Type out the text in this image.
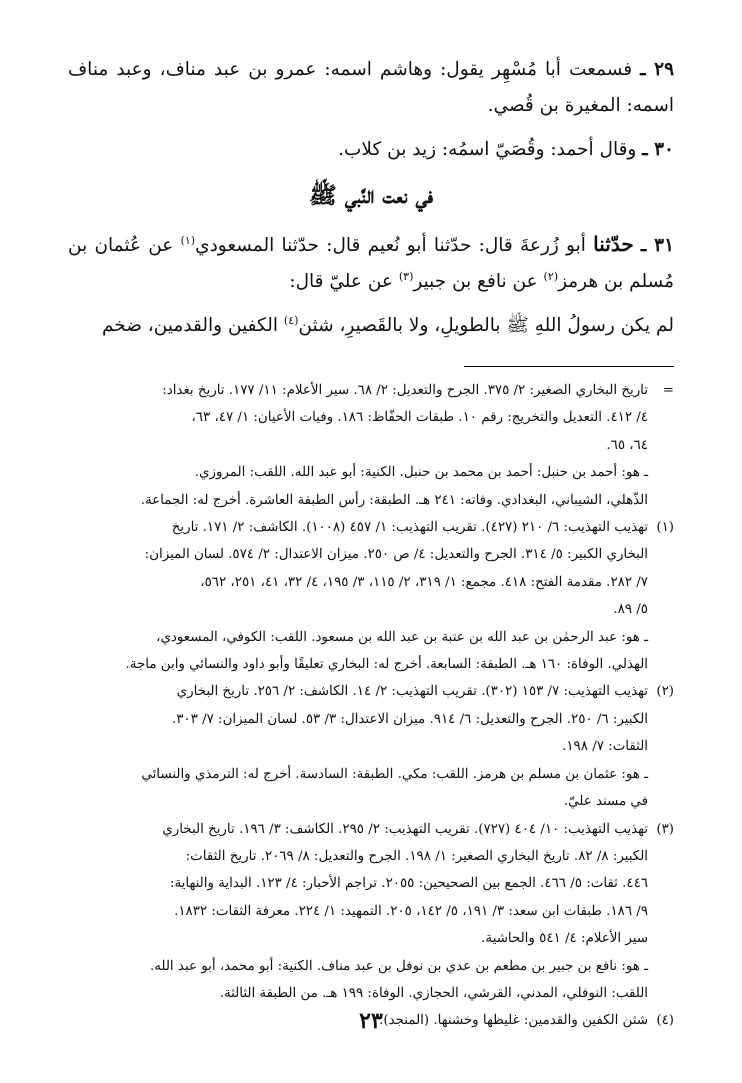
٢٩ ـ فسمعت أبا مُسْهِر يقول: وهاشم اسمه: عمرو بن عبد مناف، وعبد مناف اسمه: المغيرة بن قُصي.

٣٠ ـ وقال أحمد: وقُصَيّ اسمُه: زيد بن كلاب.

في نعت النَّبي ﷺ

٣١ ـ حدّثنا أبو زُرعةَ قال: حدّثنا أبو نُعيم قال: حدّثنا المسعودي$^{(١)}$ عن عُثمان بن مُسلم بن هرمز$^{(٢)}$ عن نافع بن جبير$^{(٣)}$ عن عليّ قال:

لم يكن رسولُ اللهِ ﷺ بالطويلِ، ولا بالقَصيرِ، شثن$^{(٤)}$ الكفين والقدمين، ضخم

=
تاريخ البخاري الصغير: ٢/ ٣٧٥. الجرح والتعديل: ٢/ ٦٨. سير الأعلام: ١١/ ١٧٧. تاريخ بغداد:
٤/ ٤١٢. التعديل والتخريج: رقم ١٠. طبقات الحفّاظ: ١٨٦. وفيات الأعيان: ١/ ٤٧، ٦٣،
٦٤، ٦٥.
ـ هو: أحمد بن حنبل: أحمد بن محمد بن حنبل. الكنية: أبو عبد الله. اللقب: المروزي.
الذّهلي، الشيباني، البغدادي. وفاته: ٢٤١ هـ. الطبقة: رأس الطبقة العاشرة. أخرج له: الجماعة.
(١)
تهذيب التهذيب: ٦/ ٢١٠ (٤٢٧). تقريب التهذيب: ١/ ٤٥٧ (١٠٠٨). الكاشف: ٢/ ١٧١. تاريخ
البخاري الكبير: ٥/ ٣١٤. الجرح والتعديل: ٤/ ص ٢٥٠. ميزان الاعتدال: ٢/ ٥٧٤. لسان الميزان:
٧/ ٢٨٢. مقدمة الفتح: ٤١٨. مجمع: ١/ ٣١٩، ٢/ ١١٥، ٣/ ١٩٥، ٤/ ٣٢، ٤١، ٢٥١، ٥٦٢،
٥/ ٨٩.
ـ هو: عبد الرحمٰن بن عبد الله بن عتبة بن عبد الله بن مسعود. اللقب: الكوفي، المسعودي،
الهذلي. الوفاة: ١٦٠ هـ. الطبقة: السابعة. أخرج له: البخاري تعليقًا وأبو داود والنسائي وابن ماجة.
(٢)
تهذيب التهذيب: ٧/ ١٥٣ (٣٠٢). تقريب التهذيب: ٢/ ١٤. الكاشف: ٢/ ٢٥٦. تاريخ البخاري
الكبير: ٦/ ٢٥٠. الجرح والتعديل: ٦/ ٩١٤. ميزان الاعتدال: ٣/ ٥٣. لسان الميزان: ٧/ ٣٠٣.
الثقات: ٧/ ١٩٨.
ـ هو: عثمان بن مسلم بن هرمز. اللقب: مكي. الطبقة: السادسة. أخرج له: الترمذي والنسائي
في مسند عليّ.
(٣)
تهذيب التهذيب: ١٠/ ٤٠٤ (٧٢٧). تقريب التهذيب: ٢/ ٢٩٥. الكاشف: ٣/ ١٩٦. تاريخ البخاري
الكبير: ٨/ ٨٢. تاريخ البخاري الصغير: ١/ ١٩٨. الجرح والتعديل: ٨/ ٢٠٦٩. تاريخ الثقات:
٤٤٦. ثقات: ٥/ ٤٦٦. الجمع بين الصحيحين: ٢٠٥٥. تراجم الأحبار: ٤/ ١٢٣. البداية والنهاية:
٩/ ١٨٦. طبقات ابن سعد: ٣/ ١٩١، ٥/ ١٤٢، ٢٠٥. التمهيد: ١/ ٢٢٤. معرفة الثقات: ١٨٣٢.
سير الأعلام: ٤/ ٥٤١ والحاشية.
ـ هو: نافع بن جبير بن مطعم بن عدي بن نوفل بن عبد مناف. الكنية: أبو محمد، أبو عبد الله.
اللقب: النوفلي، المدني، القرشي، الحجازي. الوفاة: ١٩٩ هـ. من الطبقة الثالثة.
(٤)
شثن الكفين والقدمين: غليظها وخشنها. (المنجد).
٢٣
